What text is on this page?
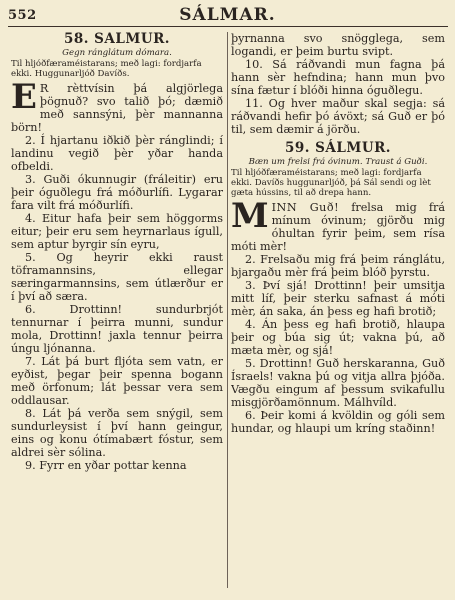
552	SÁLMAR.

58. SÁLMUR.

Gegn ránglátum dómara.

Til hljóðfæraméistarans; með lagi: fordjarfa ekki. Huggunarljóð Davíðs.

E R rèttvísin þá algjörlega þögnuð? svo talið þó; dæmið með sannsýni, þèr mannanna börn!

2. Í hjartanu iðkið þèr ránglindi; í landinu vegið þèr yðar handa ofbeldi.

3. Guði ókunnugir (fráleitir) eru þeir óguðlegu frá móðurlífi. Lygarar fara vilt frá móðurlífi.

4. Eitur hafa þeir sem höggorms eitur; þeir eru sem heyrnarlaus ígull, sem aptur byrgir sín eyru,

5. Og heyrir ekki raust töframannsins, ellegar særingarmannsins, sem útlærður er í því að særa.

6. Drottinn! sundurbrjót tennurnar í þeirra munni, sundur mola, Drottinn! jaxla tennur þeirra úngu ljónanna.

7. Lát þá burt fljóta sem vatn, er eyðist, þegar þeir spenna bogann með örfonum; lát þessar vera sem oddlausar.

8. Lát þá verða sem snýgil, sem sundurleysist í því hann geingur, eins og konu ótímabært fóstur, sem aldrei sèr sólina.

9. Fyrr en yðar pottar kenna

þyrnanna svo snögglega, sem logandi, er þeim burtu svipt.

10. Sá ráðvandi mun fagna þá hann sèr hefndina; hann mun þvo sína fætur í blóði hinna óguðlegu.

11. Og hver maður skal segja: sá ráðvandi hefir þó ávöxt; sá Guð er þó til, sem dæmir á jörðu.

59. SÁLMUR.

Bæn um frelsi frá óvinum. Traust á Guði.

Til hljóðfæraméistarans; með lagi: fordjarfa ekki. Davíðs huggunarljóð, þá Sál sendi og lèt gæta hússins, til að drepa hann.

MINN Guð! frelsa mig frá mínum óvinum; gjörðu mig óhultan fyrir þeim, sem rísa móti mèr!

2. Frelsaðu mig frá þeim ránglátu, bjargaðu mèr frá þeim blóð þyrstu.

3. Því sjá! Drottinn! þeir umsitja mitt líf, þeir sterku safnast á móti mèr, án saka, án þess eg hafi brotið;

4. Án þess eg hafi brotið, hlaupa þeir og búa sig út; vakna þú, að mæta mèr, og sjá!

5. Drottinn! Guð herskaranna, Guð Ísraels! vakna þú og vitja allra þjóða. Vægðu eingum af þessum svikafullu misgjörðamönnum. Málhvíld.

6. Þeir komi á kvöldin og góli sem hundar, og hlaupi um kríng staðinn!
